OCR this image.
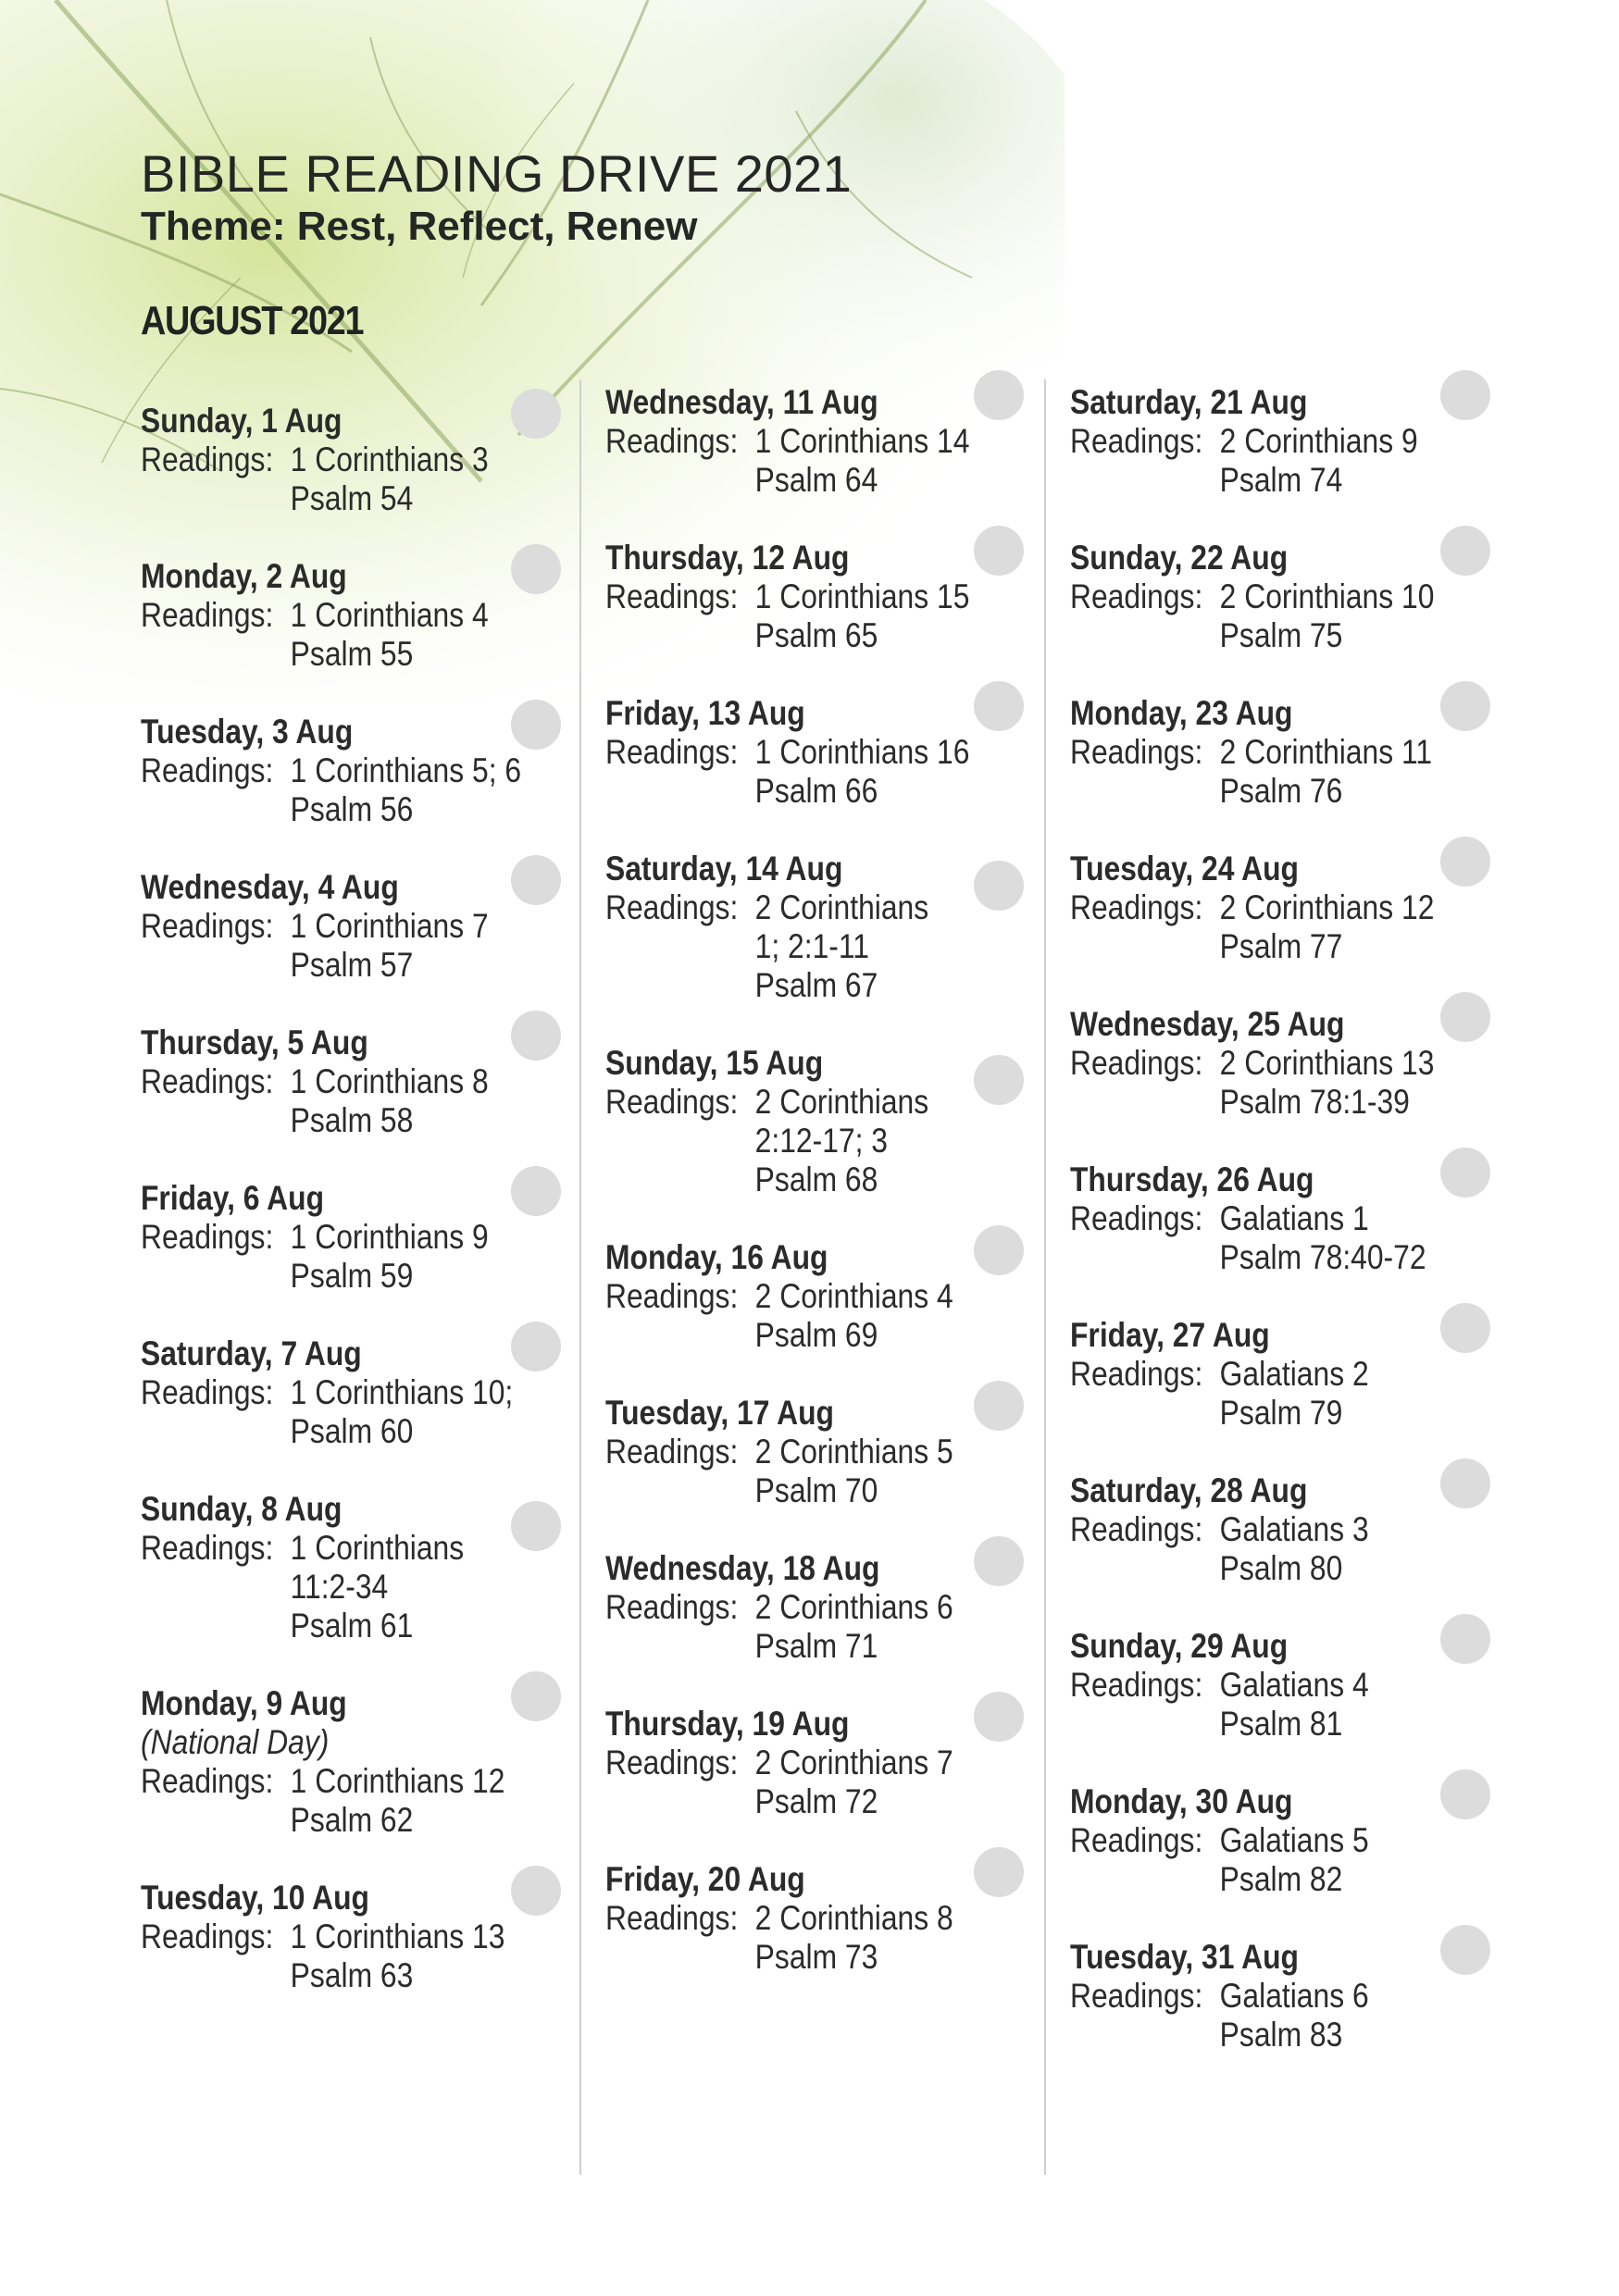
BIBLE READING DRIVE 2021
Theme: Rest, Reflect, Renew
AUGUST 2021
Sunday, 1 Aug
Readings: 1 Corinthians 3
Psalm 54
Monday, 2 Aug
Readings: 1 Corinthians 4
Psalm 55
Tuesday, 3 Aug
Readings: 1 Corinthians 5; 6
Psalm 56
Wednesday, 4 Aug
Readings: 1 Corinthians 7
Psalm 57
Thursday, 5 Aug
Readings: 1 Corinthians 8
Psalm 58
Friday, 6 Aug
Readings: 1 Corinthians 9
Psalm 59
Saturday, 7 Aug
Readings: 1 Corinthians 10;
Psalm 60
Sunday, 8 Aug
Readings: 1 Corinthians
11:2-34
Psalm 61
Monday, 9 Aug
(National Day)
Readings: 1 Corinthians 12
Psalm 62
Tuesday, 10 Aug
Readings: 1 Corinthians 13
Psalm 63
Wednesday, 11 Aug
Readings: 1 Corinthians 14
Psalm 64
Thursday, 12 Aug
Readings: 1 Corinthians 15
Psalm 65
Friday, 13 Aug
Readings: 1 Corinthians 16
Psalm 66
Saturday, 14 Aug
Readings: 2 Corinthians
1; 2:1-11
Psalm 67
Sunday, 15 Aug
Readings: 2 Corinthians
2:12-17; 3
Psalm 68
Monday, 16 Aug
Readings: 2 Corinthians 4
Psalm 69
Tuesday, 17 Aug
Readings: 2 Corinthians 5
Psalm 70
Wednesday, 18 Aug
Readings: 2 Corinthians 6
Psalm 71
Thursday, 19 Aug
Readings: 2 Corinthians 7
Psalm 72
Friday, 20 Aug
Readings: 2 Corinthians 8
Psalm 73
Saturday, 21 Aug
Readings: 2 Corinthians 9
Psalm 74
Sunday, 22 Aug
Readings: 2 Corinthians 10
Psalm 75
Monday, 23 Aug
Readings: 2 Corinthians 11
Psalm 76
Tuesday, 24 Aug
Readings: 2 Corinthians 12
Psalm 77
Wednesday, 25 Aug
Readings: 2 Corinthians 13
Psalm 78:1-39
Thursday, 26 Aug
Readings: Galatians 1
Psalm 78:40-72
Friday, 27 Aug
Readings: Galatians 2
Psalm 79
Saturday, 28 Aug
Readings: Galatians 3
Psalm 80
Sunday, 29 Aug
Readings: Galatians 4
Psalm 81
Monday, 30 Aug
Readings: Galatians 5
Psalm 82
Tuesday, 31 Aug
Readings: Galatians 6
Psalm 83
